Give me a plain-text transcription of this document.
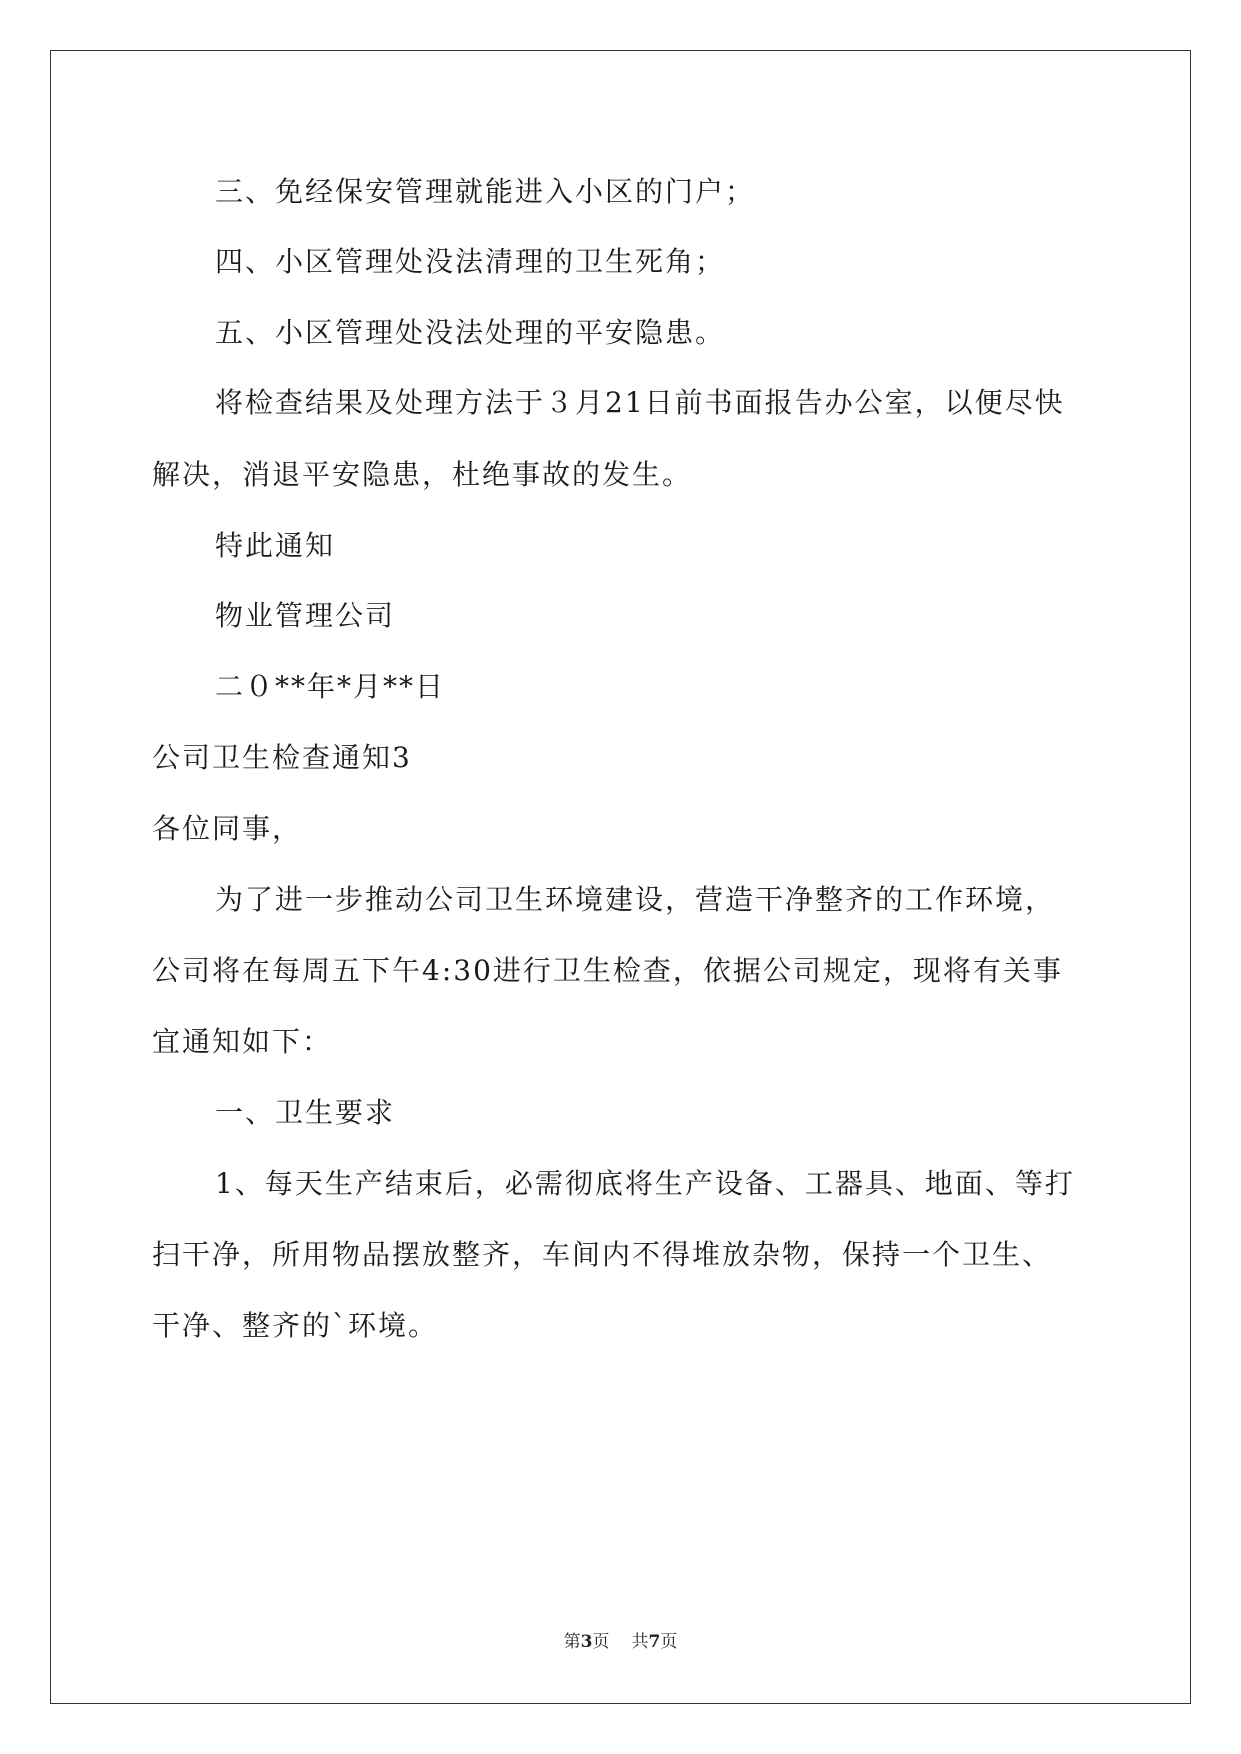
三、免经保安管理就能进入小区的门户；
四、小区管理处没法清理的卫生死角；
五、小区管理处没法处理的平安隐患。
将检查结果及处理方法于３月21日前书面报告办公室，以便尽快
解决，消退平安隐患，杜绝事故的发生。
特此通知
物业管理公司
二０**年*月**日
公司卫生检查通知3
各位同事，
为了进一步推动公司卫生环境建设，营造干净整齐的工作环境，
公司将在每周五下午4:30进行卫生检查，依据公司规定，现将有关事
宜通知如下：
一、卫生要求
1、每天生产结束后，必需彻底将生产设备、工器具、地面、等打
扫干净，所用物品摆放整齐，车间内不得堆放杂物，保持一个卫生、
干净、整齐的`环境。
第3页 共7页
